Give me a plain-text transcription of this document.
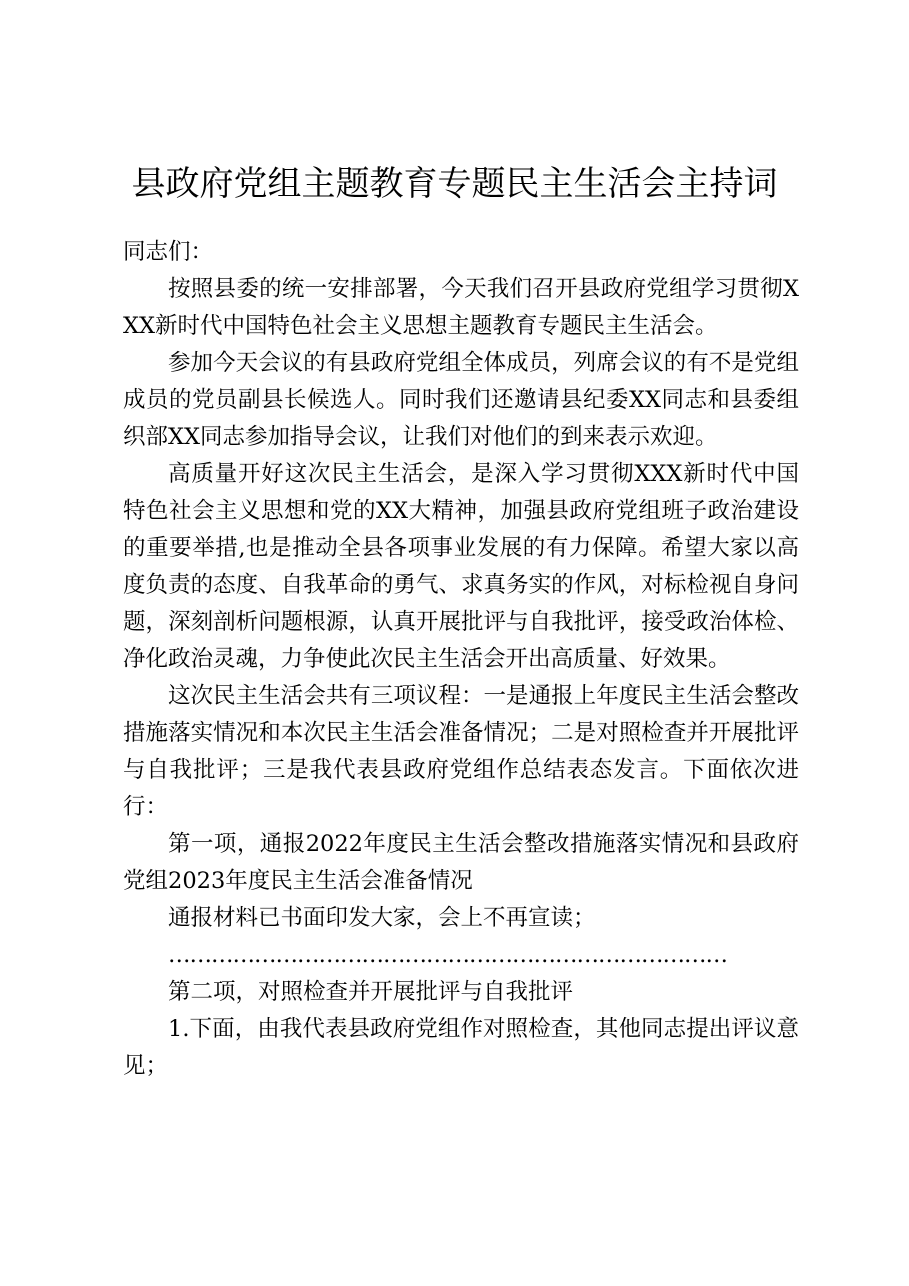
县政府党组主题教育专题民主生活会主持词

同志们：

按照县委的统一安排部署，今天我们召开县政府党组学习贯彻XXX新时代中国特色社会主义思想主题教育专题民主生活会。

参加今天会议的有县政府党组全体成员，列席会议的有不是党组成员的党员副县长候选人。同时我们还邀请县纪委XX同志和县委组织部XX同志参加指导会议，让我们对他们的到来表示欢迎。

高质量开好这次民主生活会，是深入学习贯彻XXX新时代中国特色社会主义思想和党的XX大精神，加强县政府党组班子政治建设的重要举措,也是推动全县各项事业发展的有力保障。希望大家以高度负责的态度、自我革命的勇气、求真务实的作风，对标检视自身问题，深刻剖析问题根源，认真开展批评与自我批评，接受政治体检、净化政治灵魂，力争使此次民主生活会开出高质量、好效果。

这次民主生活会共有三项议程：一是通报上年度民主生活会整改措施落实情况和本次民主生活会准备情况；二是对照检查并开展批评与自我批评；三是我代表县政府党组作总结表态发言。下面依次进行：

第一项，通报2022年度民主生活会整改措施落实情况和县政府党组2023年度民主生活会准备情况

通报材料已书面印发大家，会上不再宣读；

……………………………………………………………………

第二项，对照检查并开展批评与自我批评

1.下面，由我代表县政府党组作对照检查，其他同志提出评议意见；
